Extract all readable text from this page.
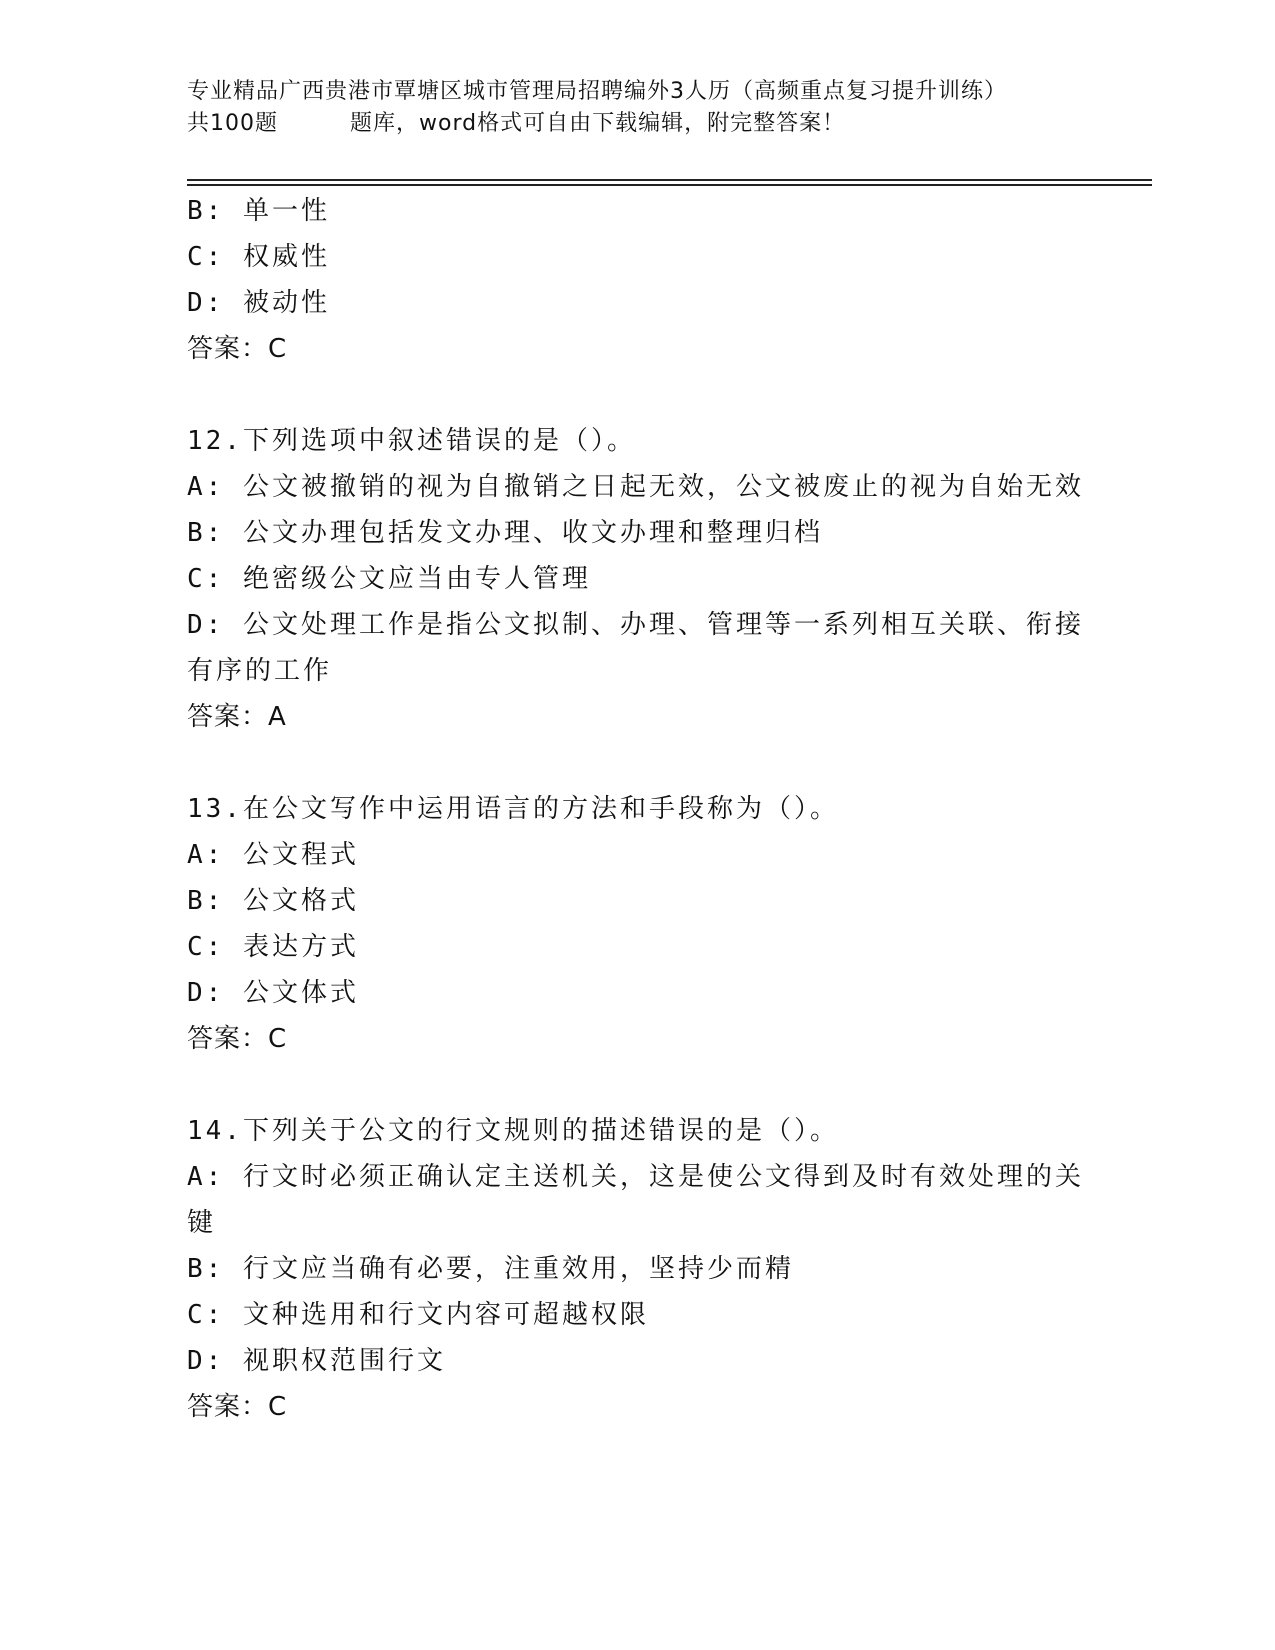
专业精品广西贵港市覃塘区城市管理局招聘编外3人历（高频重点复习提升训练）
共100题	题库，word格式可自由下载编辑，附完整答案！
B: 单一性
C: 权威性
D: 被动性
答案：C
12.下列选项中叙述错误的是（）。
A: 公文被撤销的视为自撤销之日起无效，公文被废止的视为自始无效
B: 公文办理包括发文办理、收文办理和整理归档
C: 绝密级公文应当由专人管理
D: 公文处理工作是指公文拟制、办理、管理等一系列相互关联、衔接
有序的工作
答案：A
13.在公文写作中运用语言的方法和手段称为（）。
A: 公文程式
B: 公文格式
C: 表达方式
D: 公文体式
答案：C
14.下列关于公文的行文规则的描述错误的是（）。
A: 行文时必须正确认定主送机关，这是使公文得到及时有效处理的关
键
B: 行文应当确有必要，注重效用，坚持少而精
C: 文种选用和行文内容可超越权限
D: 视职权范围行文
答案：C
